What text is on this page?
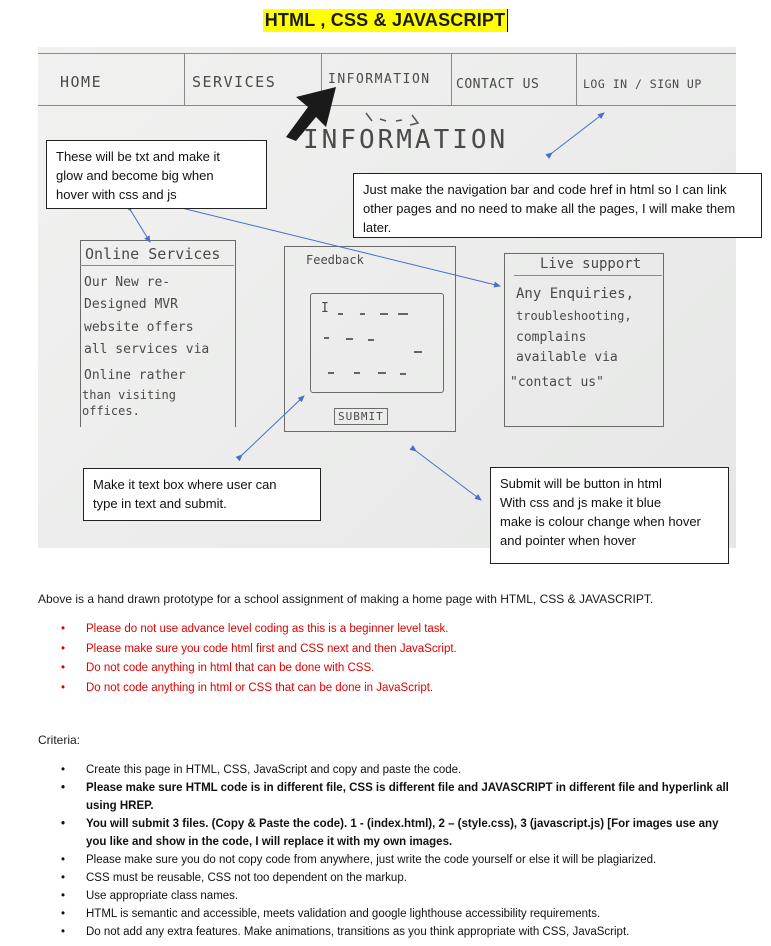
HTML , CSS & JAVASCRIPT
HOME	SERVICES	INFORMATION CONTACT US	LOG IN / SIGN UP
INFORMATION
Online Services
Our New re-
Designed MVR
website offers
all services via
Online rather
than visiting
offices.
Feedback
I
SUBMIT
Live support
Any Enquiries,
troubleshooting,
complains
available via
"contact us"
These will be txt and make it
glow and become big when
hover with css and js	Just make the navigation bar and code href in html so I can link
other pages and no need to make all the pages, I will make them
later.
Make it text box where user can
type in text and submit.
Submit will be button in html
With css and js make it blue
make is colour change when hover
and pointer when hover
Above is a hand drawn prototype for a school assignment of making a home page with HTML, CSS & JAVASCRIPT.
• Please do not use advance level coding as this is a beginner level task.
• Please make sure you code html first and CSS next and then JavaScript.
• Do not code anything in html that can be done with CSS.
• Do not code anything in html or CSS that can be done in JavaScript.
Criteria:
• Create this page in HTML, CSS, JavaScript and copy and paste the code.
• Please make sure HTML code is in different file, CSS is different file and JAVASCRIPT in different file and hyperlink all
using HREP.
• You will submit 3 files. (Copy & Paste the code). 1 - (index.html), 2 – (style.css), 3 (javascript.js) [For images use any
you like and show in the code, I will replace it with my own images.
• Please make sure you do not copy code from anywhere, just write the code yourself or else it will be plagiarized.
• CSS must be reusable, CSS not too dependent on the markup.
• Use appropriate class names.
• HTML is semantic and accessible, meets validation and google lighthouse accessibility requirements.
• Do not add any extra features. Make animations, transitions as you think appropriate with CSS, JavaScript.
